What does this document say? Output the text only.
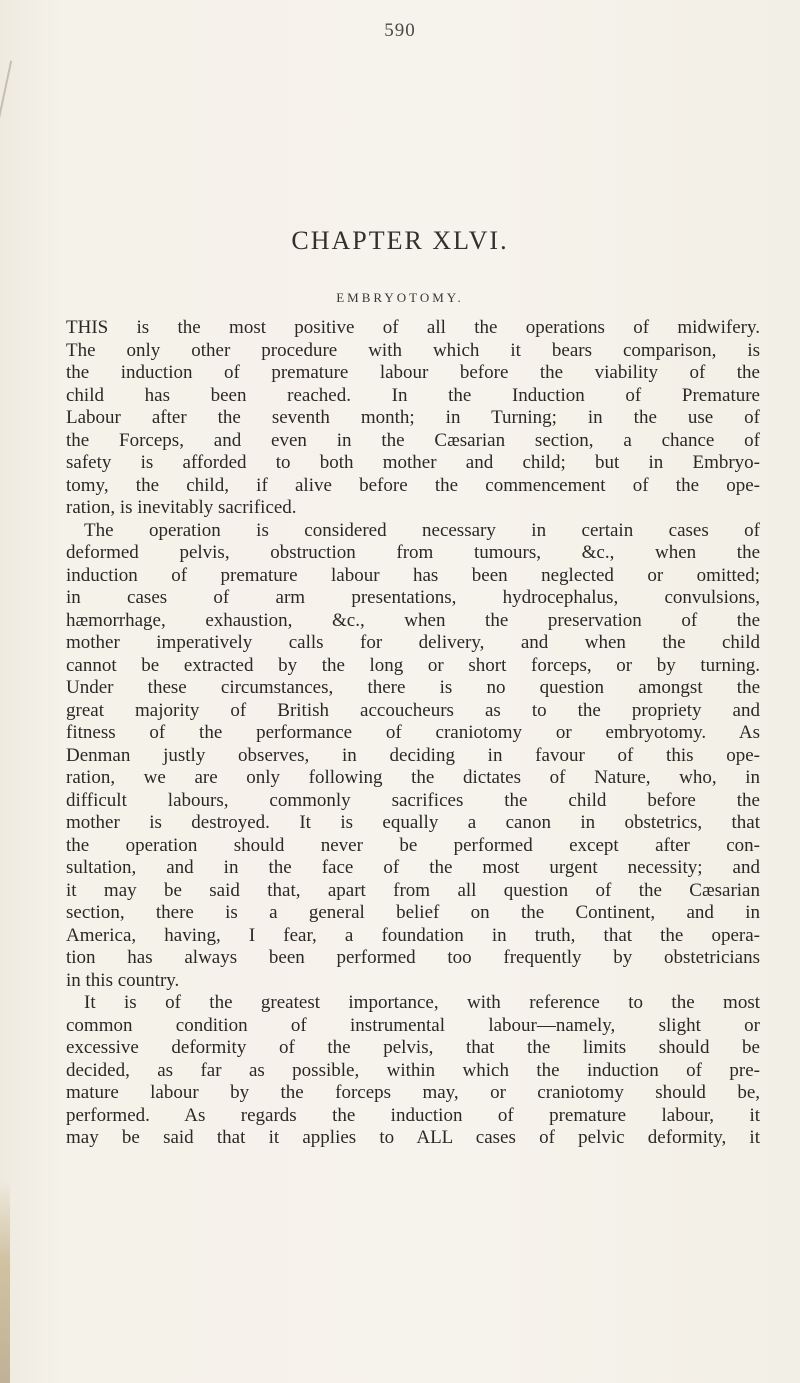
590
CHAPTER XLVI.
EMBRYOTOMY.
THIS is the most positive of all the operations of midwifery.
The only other procedure with which it bears comparison, is
the induction of premature labour before the viability of the
child has been reached. In the Induction of Premature
Labour after the seventh month; in Turning; in the use of
the Forceps, and even in the Cæsarian section, a chance of
safety is afforded to both mother and child; but in Embryo-
tomy, the child, if alive before the commencement of the ope-
ration, is inevitably sacrificed.
The operation is considered necessary in certain cases of
deformed pelvis, obstruction from tumours, &c., when the
induction of premature labour has been neglected or omitted;
in cases of arm presentations, hydrocephalus, convulsions,
hæmorrhage, exhaustion, &c., when the preservation of the
mother imperatively calls for delivery, and when the child
cannot be extracted by the long or short forceps, or by turning.
Under these circumstances, there is no question amongst the
great majority of British accoucheurs as to the propriety and
fitness of the performance of craniotomy or embryotomy. As
Denman justly observes, in deciding in favour of this ope-
ration, we are only following the dictates of Nature, who, in
difficult labours, commonly sacrifices the child before the
mother is destroyed. It is equally a canon in obstetrics, that
the operation should never be performed except after con-
sultation, and in the face of the most urgent necessity; and
it may be said that, apart from all question of the Cæsarian
section, there is a general belief on the Continent, and in
America, having, I fear, a foundation in truth, that the opera-
tion has always been performed too frequently by obstetricians
in this country.
It is of the greatest importance, with reference to the most
common condition of instrumental labour—namely, slight or
excessive deformity of the pelvis, that the limits should be
decided, as far as possible, within which the induction of pre-
mature labour by the forceps may, or craniotomy should be,
performed. As regards the induction of premature labour, it
may be said that it applies to ALL cases of pelvic deformity, it
